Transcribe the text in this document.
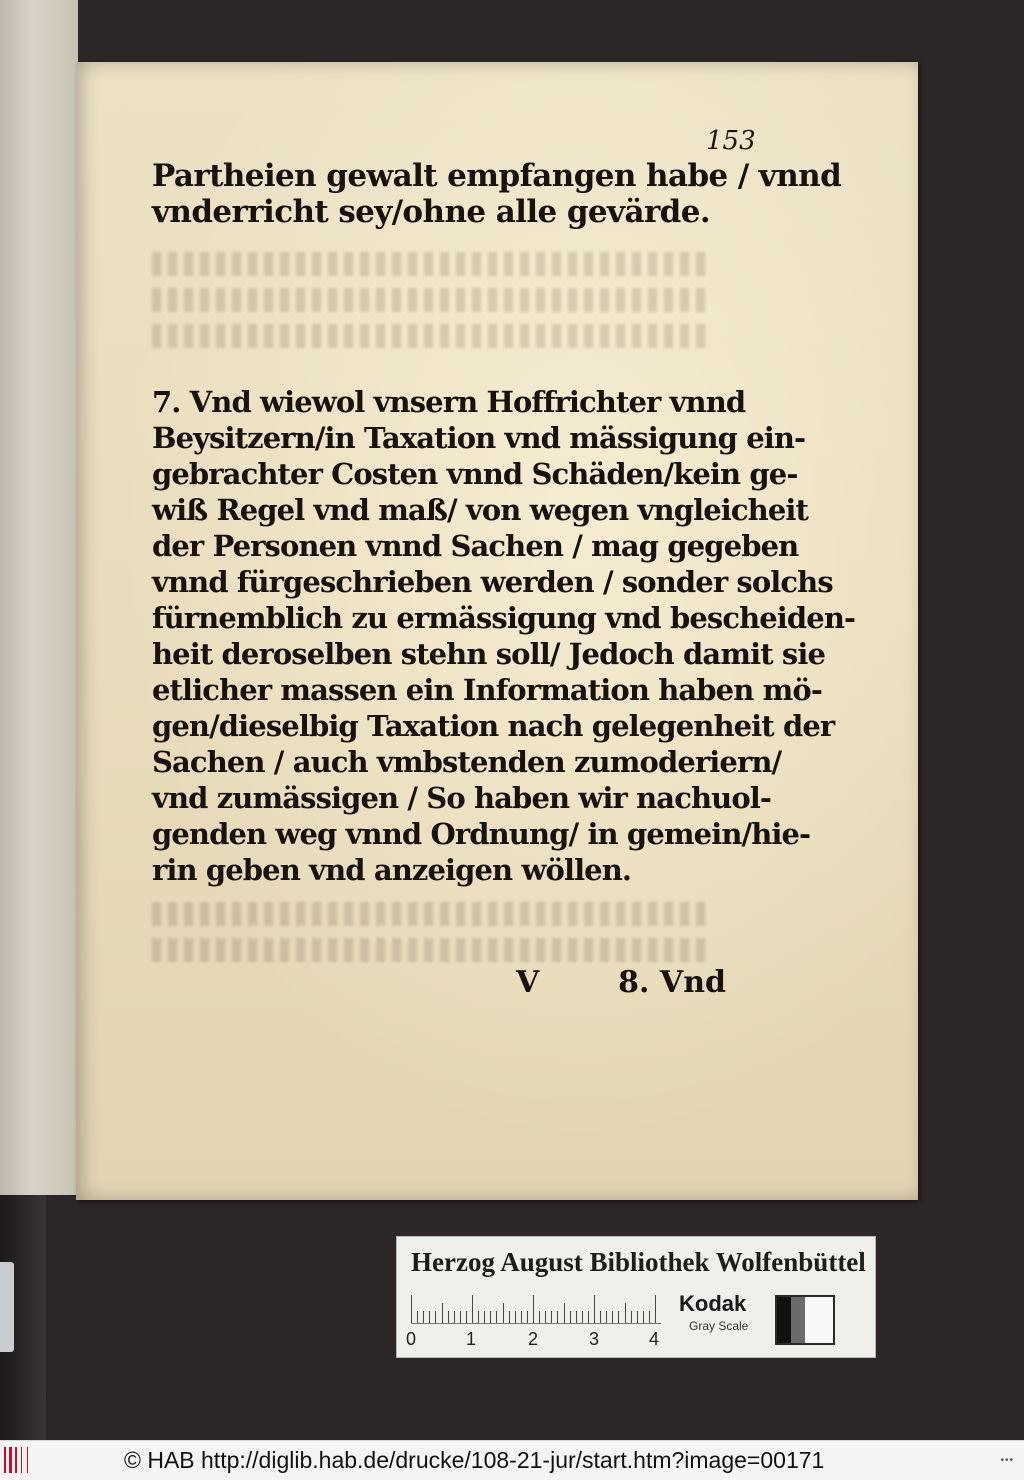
153
Partheien gewalt empfangen habe / vnnd
vnderricht sey/ohne alle gevärde.
7. Vnd wiewol vnsern Hoffrichter vnnd
Beysitzern/in Taxation vnd mässigung ein-
gebrachter Costen vnnd Schäden/kein ge-
wiß Regel vnd maß/ von wegen vngleicheit
der Personen vnnd Sachen / mag gegeben
vnnd fürgeschrieben werden / sonder solchs
fürnemblich zu ermässigung vnd bescheiden-
heit deroselben stehn soll/ Jedoch damit sie
etlicher massen ein Information haben mö-
gen/dieselbig Taxation nach gelegenheit der
Sachen / auch vmbstenden zumoderiern/
vnd zumässigen / So haben wir nachuol-
genden weg vnnd Ordnung/ in gemein/hie-
rin geben vnd anzeigen wöllen.
V	8. Vnd
Herzog August Bibliothek Wolfenbüttel
0	1	2	3	4
Kodak
Gray Scale
© HAB http://diglib.hab.de/drucke/108-21-jur/start.htm?image=00171	•••
